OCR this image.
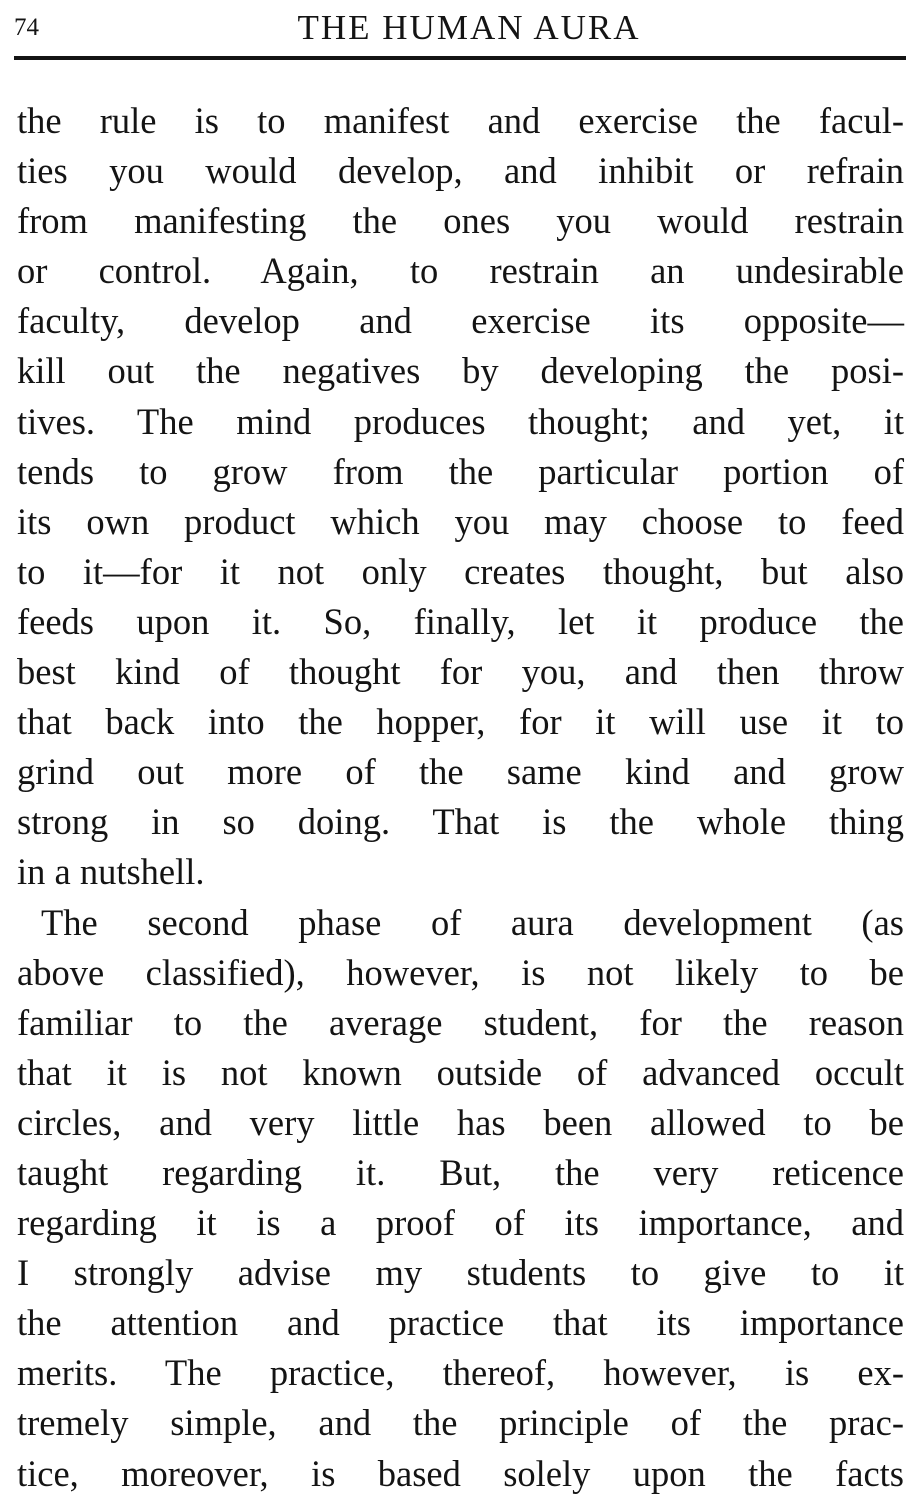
74	THE HUMAN AURA
the rule is to manifest and exercise the facul-
ties you would develop, and inhibit or refrain
from manifesting the ones you would restrain
or control. Again, to restrain an undesirable
faculty, develop and exercise its opposite—
kill out the negatives by developing the posi-
tives. The mind produces thought; and yet, it
tends to grow from the particular portion of
its own product which you may choose to feed
to it—for it not only creates thought, but also
feeds upon it. So, finally, let it produce the
best kind of thought for you, and then throw
that back into the hopper, for it will use it to
grind out more of the same kind and grow
strong in so doing. That is the whole thing
in a nutshell.
The second phase of aura development (as
above classified), however, is not likely to be
familiar to the average student, for the reason
that it is not known outside of advanced occult
circles, and very little has been allowed to be
taught regarding it. But, the very reticence
regarding it is a proof of its importance, and
I strongly advise my students to give to it
the attention and practice that its importance
merits. The practice, thereof, however, is ex-
tremely simple, and the principle of the prac-
tice, moreover, is based solely upon the facts
